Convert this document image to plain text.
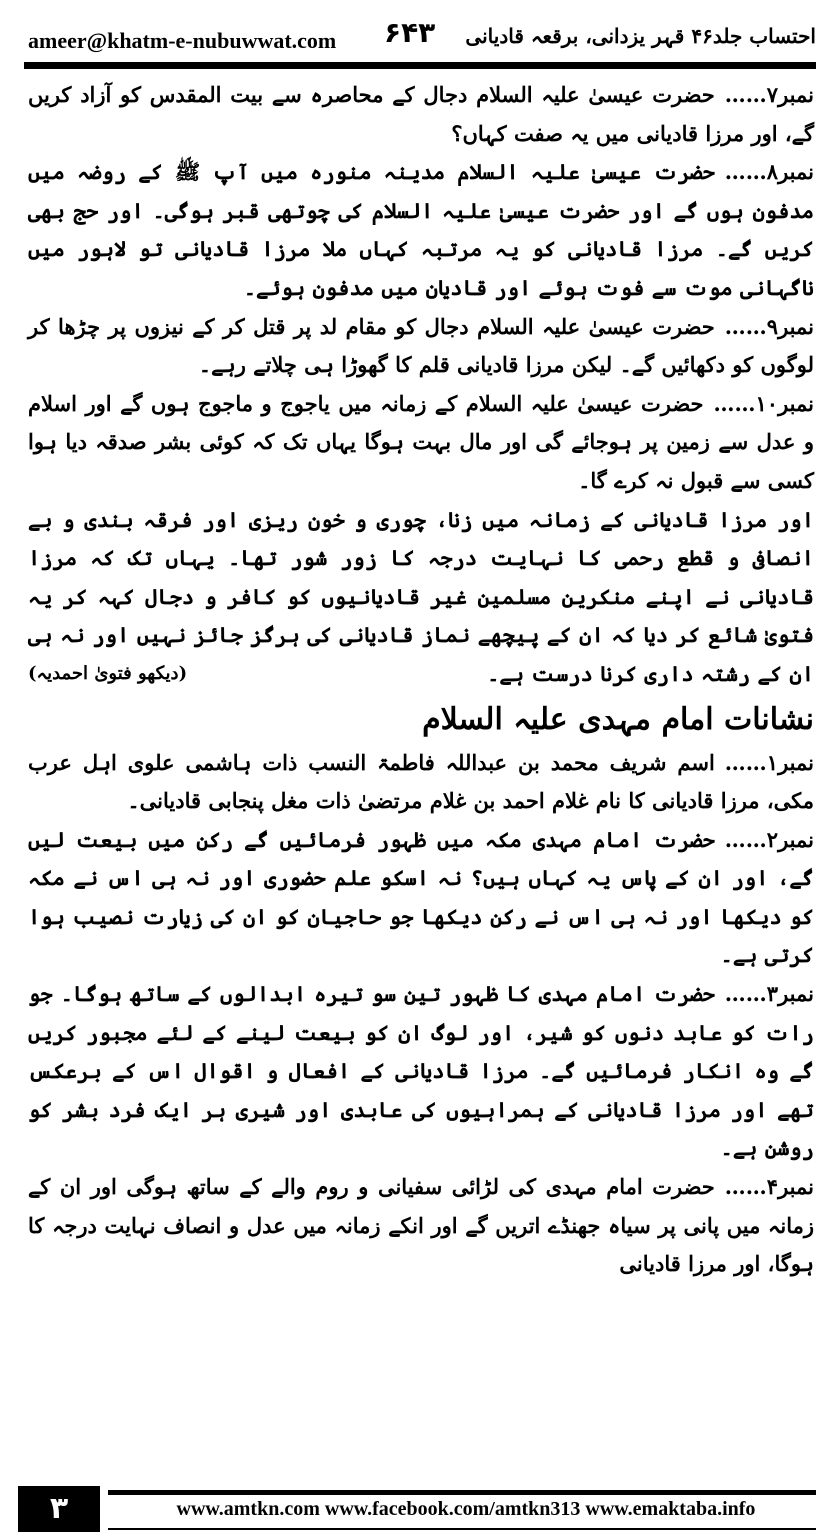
ameer@khatm-e-nubuwwat.com ۶۴۳ احتساب جلد۴۶ قہر یزدانی، برقعہ قادیانی

نمبر۷……حضرت عیسیٰ علیہ السلام دجال کے محاصرہ سے بیت المقدس کو آزاد کریں گے، اور مرزا قادیانی میں یہ صفت کہاں؟

نمبر۸……حضرت عیسیٰ علیہ السلام مدینہ منورہ میں آپ ﷺ کے روضہ میں مدفون ہوں گے اور حضرت عیسیٰ علیہ السلام کی چوتھی قبر ہوگی۔ اور حج بھی کریں گے۔ مرزا قادیانی کو یہ مرتبہ کہاں ملا مرزا قادیانی تو لاہور میں ناگہانی موت سے فوت ہوئے اور قادیان میں مدفون ہوئے۔

نمبر۹……حضرت عیسیٰ علیہ السلام دجال کو مقام لد پر قتل کر کے نیزوں پر چڑھا کر لوگوں کو دکھائیں گے۔ لیکن مرزا قادیانی قلم کا گھوڑا ہی چلاتے رہے۔

نمبر۱۰……حضرت عیسیٰ علیہ السلام کے زمانہ میں یاجوج و ماجوج ہوں گے اور اسلام و عدل سے زمین پر ہوجائے گی اور مال بہت ہوگا یہاں تک کہ کوئی بشر صدقہ دیا ہوا کسی سے قبول نہ کرے گا۔

اور مرزا قادیانی کے زمانہ میں زنا، چوری و خون ریزی اور فرقہ بندی و بے انصافی و قطع رحمی کا نہایت درجہ کا زور شور تھا۔ یہاں تک کہ مرزا قادیانی نے اپنے منکرین مسلمین غیر قادیانیوں کو کافر و دجال کہہ کر یہ فتویٰ شائع کر دیا کہ ان کے پیچھے نماز قادیانی کی ہرگز جائز نہیں اور نہ ہی ان کے رشتہ داری کرنا درست ہے۔
(دیکھو فتویٰ احمدیہ)

نشانات امام مہدی علیہ السلام

نمبر۱……اسم شریف محمد بن عبداللہ فاطمۃ النسب ذات ہاشمی علوی اہل عرب مکی، مرزا قادیانی کا نام غلام احمد بن غلام مرتضیٰ ذات مغل پنجابی قادیانی۔

نمبر۲……حضرت امام مہدی مکہ میں ظہور فرمائیں گے رکن میں بیعت لیں گے، اور ان کے پاس یہ کہاں ہیں؟ نہ اسکو علم حضوری اور نہ ہی اس نے مکہ کو دیکھا اور نہ ہی اس نے رکن دیکھا جو حاجیان کو ان کی زیارت نصیب ہوا کرتی ہے۔

نمبر۳……حضرت امام مہدی کا ظہور تین سو تیرہ ابدالوں کے ساتھ ہوگا۔ جو رات کو عابد دنوں کو شیر، اور لوگ ان کو بیعت لینے کے لئے مجبور کریں گے وہ انکار فرمائیں گے۔ مرزا قادیانی کے افعال و اقوال اس کے برعکس تھے اور مرزا قادیانی کے ہمراہیوں کی عابدی اور شیری ہر ایک فرد بشر کو روشن ہے۔

نمبر۴……حضرت امام مہدی کی لڑائی سفیانی و روم والے کے ساتھ ہوگی اور ان کے زمانہ میں پانی پر سیاہ جھنڈے اتریں گے اور انکے زمانہ میں عدل و انصاف نہایت درجہ کا ہوگا، اور مرزا قادیانی

۳	www.amtkn.com www.facebook.com/amtkn313 www.emaktaba.info
